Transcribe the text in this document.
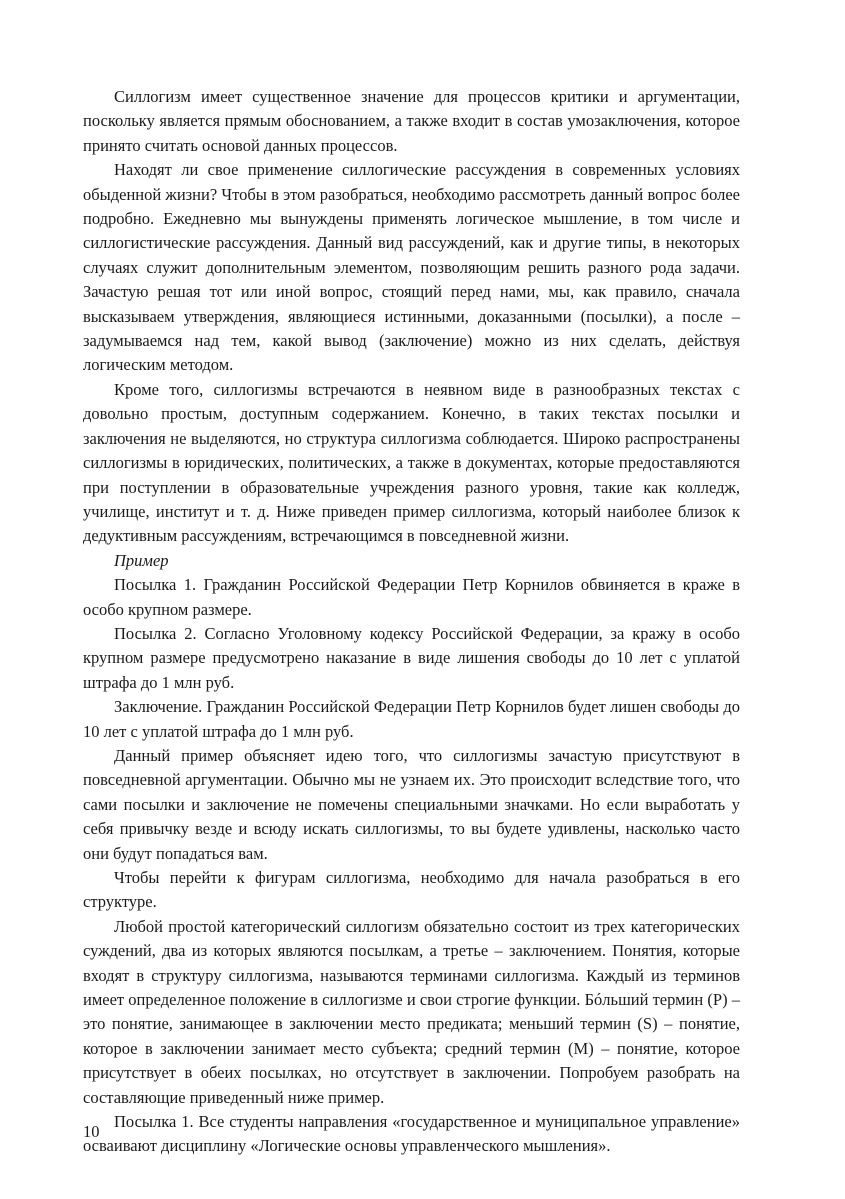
Силлогизм имеет существенное значение для процессов критики и аргументации, поскольку является прямым обоснованием, а также входит в состав умозаключения, которое принято считать основой данных процессов.

Находят ли свое применение силлогические рассуждения в современных условиях обыденной жизни? Чтобы в этом разобраться, необходимо рассмотреть данный вопрос более подробно. Ежедневно мы вынуждены применять логическое мышление, в том числе и силлогистические рассуждения. Данный вид рассуждений, как и другие типы, в некоторых случаях служит дополнительным элементом, позволяющим решить разного рода задачи. Зачастую решая тот или иной вопрос, стоящий перед нами, мы, как правило, сначала высказываем утверждения, являющиеся истинными, доказанными (посылки), а после – задумываемся над тем, какой вывод (заключение) можно из них сделать, действуя логическим методом.

Кроме того, силлогизмы встречаются в неявном виде в разнообразных текстах с довольно простым, доступным содержанием. Конечно, в таких текстах посылки и заключения не выделяются, но структура силлогизма соблюдается. Широко распространены силлогизмы в юридических, политических, а также в документах, которые предоставляются при поступлении в образовательные учреждения разного уровня, такие как колледж, училище, институт и т. д. Ниже приведен пример силлогизма, который наиболее близок к дедуктивным рассуждениям, встречающимся в повседневной жизни.

Пример

Посылка 1. Гражданин Российской Федерации Петр Корнилов обвиняется в краже в особо крупном размере.

Посылка 2. Согласно Уголовному кодексу Российской Федерации, за кражу в особо крупном размере предусмотрено наказание в виде лишения свободы до 10 лет с уплатой штрафа до 1 млн руб.

Заключение. Гражданин Российской Федерации Петр Корнилов будет лишен свободы до 10 лет с уплатой штрафа до 1 млн руб.

Данный пример объясняет идею того, что силлогизмы зачастую присутствуют в повседневной аргументации. Обычно мы не узнаем их. Это происходит вследствие того, что сами посылки и заключение не помечены специальными значками. Но если выработать у себя привычку везде и всюду искать силлогизмы, то вы будете удивлены, насколько часто они будут попадаться вам.

Чтобы перейти к фигурам силлогизма, необходимо для начала разобраться в его структуре.

Любой простой категорический силлогизм обязательно состоит из трех категорических суждений, два из которых являются посылкам, а третье – заключением. Понятия, которые входят в структуру силлогизма, называются терминами силлогизма. Каждый из терминов имеет определенное положение в силлогизме и свои строгие функции. Бóльший термин (P) – это понятие, занимающее в заключении место предиката; меньший термин (S) – понятие, которое в заключении занимает место субъекта; средний термин (M) – понятие, которое присутствует в обеих посылках, но отсутствует в заключении. Попробуем разобрать на составляющие приведенный ниже пример.

Посылка 1. Все студенты направления «государственное и муниципальное управление» осваивают дисциплину «Логические основы управленческого мышления».

10
